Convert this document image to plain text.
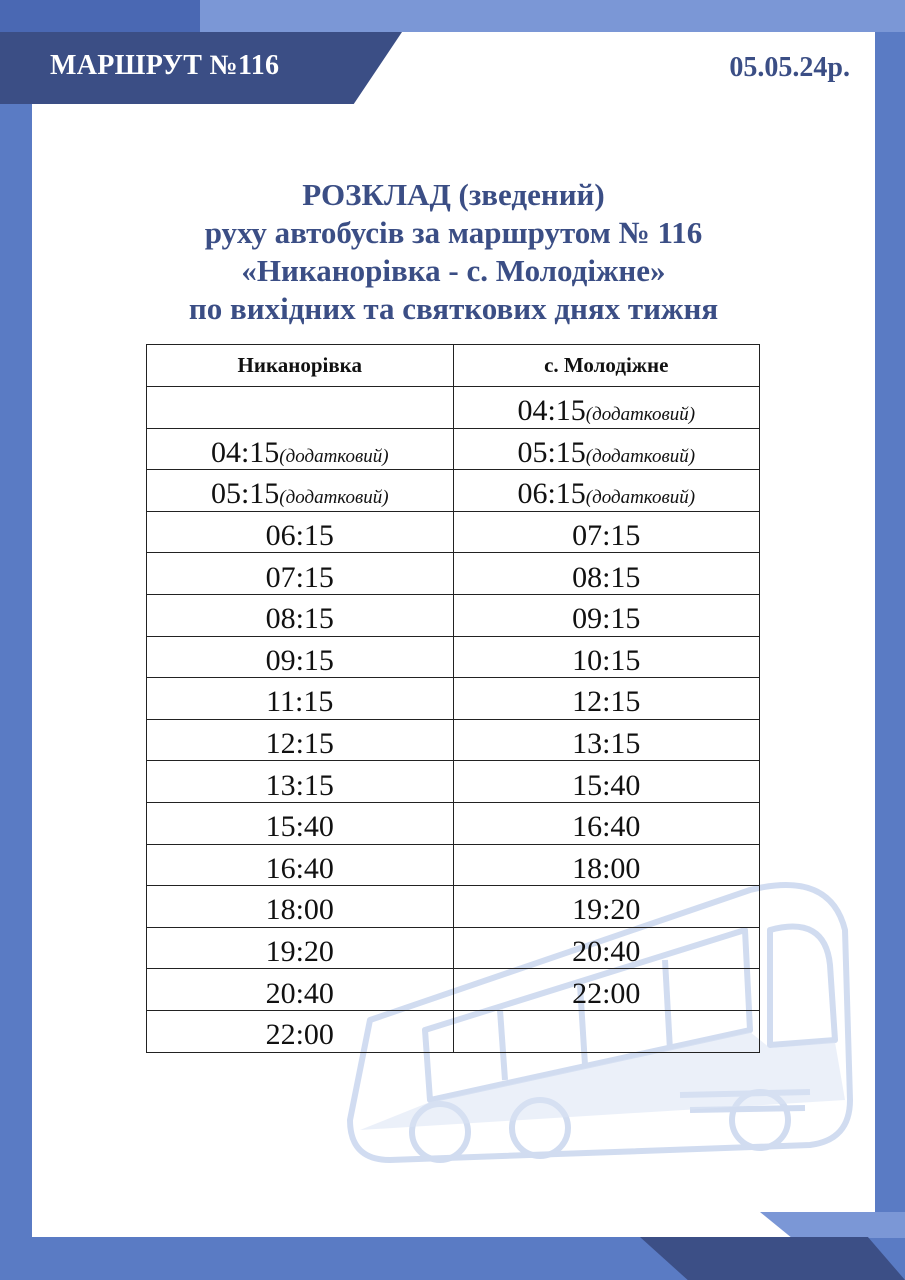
МАРШРУТ №116	05.05.24р.
РОЗКЛАД (зведений)
руху автобусів за маршрутом № 116
«Никанорівка - с. Молодіжне»
по вихідних та святкових днях тижня
Никанорівка	с. Молодіжне
	04:15(додатковий)
04:15(додатковий)	05:15(додатковий)
05:15(додатковий)	06:15(додатковий)
06:15	07:15
07:15	08:15
08:15	09:15
09:15	10:15
11:15	12:15
12:15	13:15
13:15	15:40
15:40	16:40
16:40	18:00
18:00	19:20
19:20	20:40
20:40	22:00
22:00	
